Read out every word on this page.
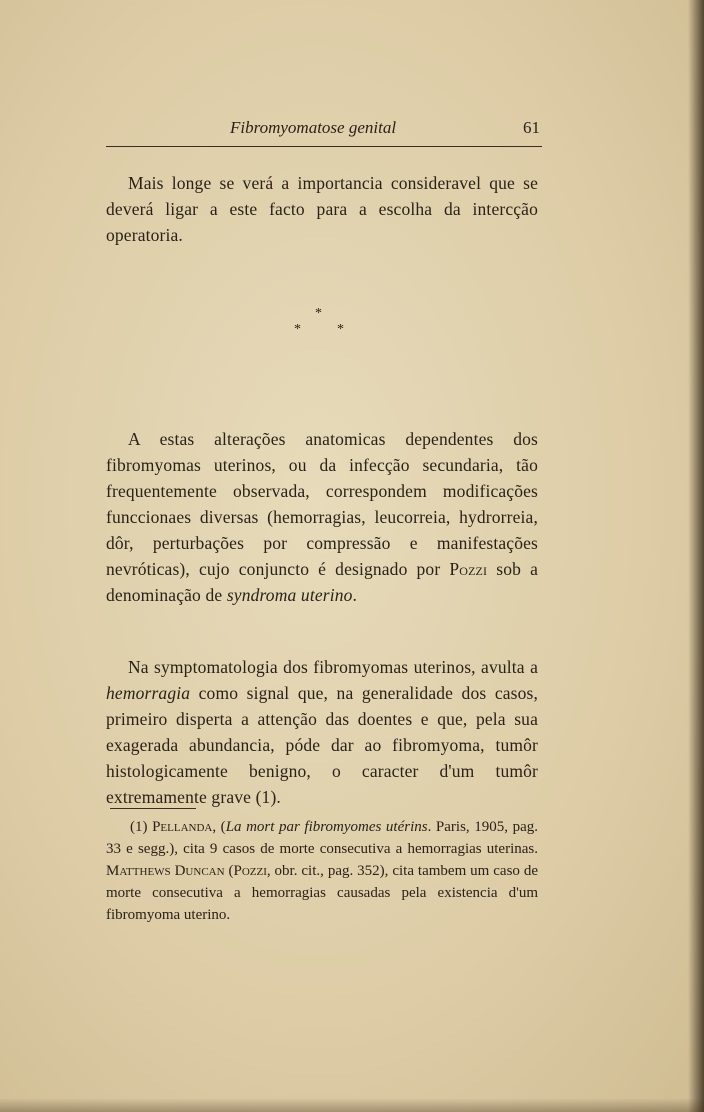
Fibromyomatose genital	61

Mais longe se verá a importancia consideravel que se deverá ligar a este facto para a escolha da intercção operatoria.

*
*	*

A estas alterações anatomicas dependentes dos fibromyomas uterinos, ou da infecção secundaria, tão frequentemente observada, correspondem modificações funccionaes diversas (hemorragias, leucorreia, hydrorreia, dôr, perturbações por compressão e manifestações nevróticas), cujo conjuncto é designado por Pozzi sob a denominação de syndroma uterino.

Na symptomatologia dos fibromyomas uterinos, avulta a hemorragia como signal que, na generalidade dos casos, primeiro disperta a attenção das doentes e que, pela sua exagerada abundancia, póde dar ao fibromyoma, tumôr histologicamente benigno, o caracter d'um tumôr extremamente grave (1).

(1) Pellanda, (La mort par fibromyomes utérins. Paris, 1905, pag. 33 e segg.), cita 9 casos de morte consecutiva a hemorragias uterinas. Matthews Duncan (Pozzi, obr. cit., pag. 352), cita tambem um caso de morte consecutiva a hemorragias causadas pela existencia d'um fibromyoma uterino.
